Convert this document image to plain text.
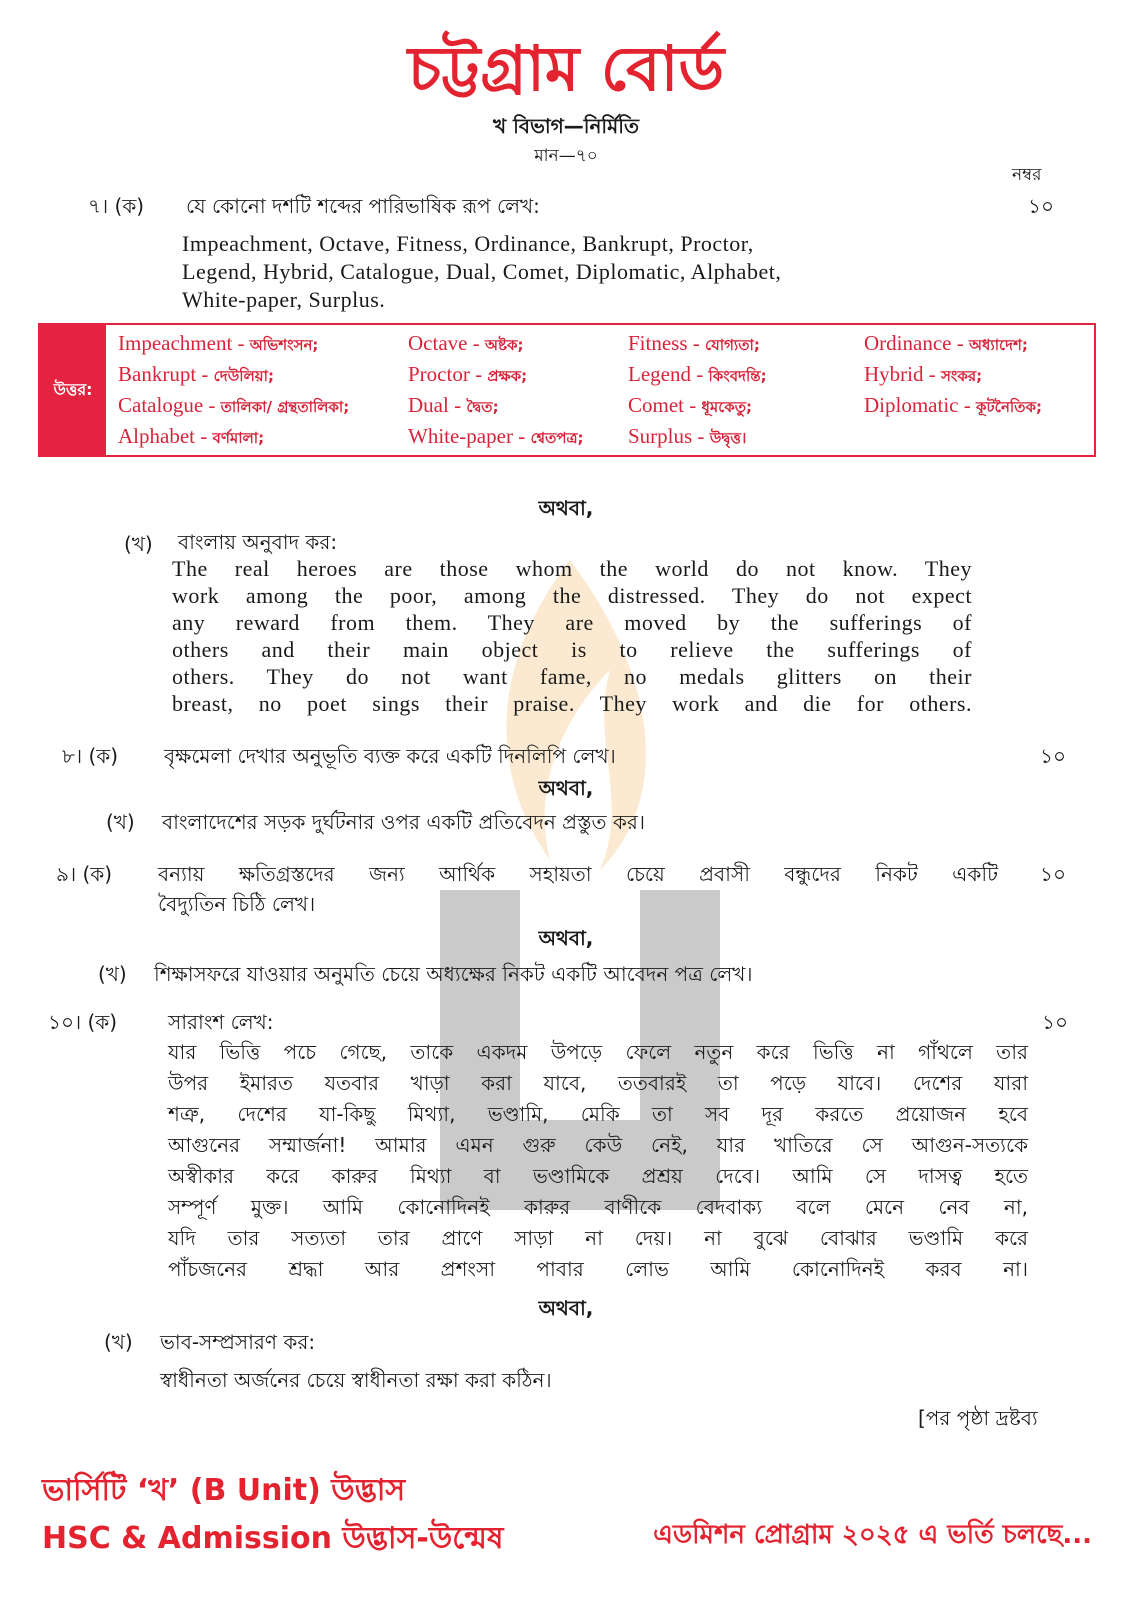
চট্টগ্রাম বোর্ড
খ বিভাগ—নির্মিতি
মান—৭০
নম্বর
৭। (ক) যে কোনো দশটি শব্দের পারিভাষিক রূপ লেখ:	১০
Impeachment, Octave, Fitness, Ordinance, Bankrupt, Proctor,
Legend, Hybrid, Catalogue, Dual, Comet, Diplomatic, Alphabet,
White-paper, Surplus.
উত্তর:
Impeachment - অভিশংসন;	Octave - অষ্টক;	Fitness - যোগ্যতা;	Ordinance - অধ্যাদেশ;
Bankrupt - দেউলিয়া;	Proctor - প্রক্ষক;	Legend - কিংবদন্তি;	Hybrid - সংকর;
Catalogue - তালিকা/ গ্রন্থতালিকা;	Dual - দ্বৈত;	Comet - ধূমকেতু;	Diplomatic - কূটনৈতিক;
Alphabet - বর্ণমালা;	White-paper - শ্বেতপত্র;	Surplus - উদ্বৃত্ত।
অথবা,
(খ) বাংলায় অনুবাদ কর:
The real heroes are those whom the world do not know. They
work among the poor, among the distressed. They do not expect
any reward from them. They are moved by the sufferings of
others and their main object is to relieve the sufferings of
others. They do not want fame, no medals glitters on their
breast, no poet sings their praise. They work and die for others.
৮। (ক) বৃক্ষমেলা দেখার অনুভূতি ব্যক্ত করে একটি দিনলিপি লেখ।	১০
অথবা,
(খ) বাংলাদেশের সড়ক দুর্ঘটনার ওপর একটি প্রতিবেদন প্রস্তুত কর।
৯। (ক) বন্যায় ক্ষতিগ্রস্তদের জন্য আর্থিক সহায়তা চেয়ে প্রবাসী বন্ধুদের নিকট একটি
বৈদ্যুতিন চিঠি লেখ।
১০
অথবা,
(খ) শিক্ষাসফরে যাওয়ার অনুমতি চেয়ে অধ্যক্ষের নিকট একটি আবেদন পত্র লেখ।
১০। (ক)	সারাংশ লেখ:	১০
যার ভিত্তি পচে গেছে, তাকে একদম উপড়ে ফেলে নতুন করে ভিত্তি না গাঁথলে তার
উপর ইমারত যতবার খাড়া করা যাবে, ততবারই তা পড়ে যাবে। দেশের যারা
শত্রু, দেশের যা-কিছু মিথ্যা, ভণ্ডামি, মেকি তা সব দূর করতে প্রয়োজন হবে
আগুনের সম্মার্জনা! আমার এমন গুরু কেউ নেই, যার খাতিরে সে আগুন-সত্যকে
অস্বীকার করে কারুর মিথ্যা বা ভণ্ডামিকে প্রশ্রয় দেবে। আমি সে দাসত্ব হতে
সম্পূর্ণ মুক্ত। আমি কোনোদিনই কারুর বাণীকে বেদবাক্য বলে মেনে নেব না,
যদি তার সত্যতা তার প্রাণে সাড়া না দেয়। না বুঝে বোঝার ভণ্ডামি করে
পাঁচজনের শ্রদ্ধা আর প্রশংসা পাবার লোভ আমি কোনোদিনই করব না।
অথবা,
(খ) ভাব-সম্প্রসারণ কর:
স্বাধীনতা অর্জনের চেয়ে স্বাধীনতা রক্ষা করা কঠিন।
[পর পৃষ্ঠা দ্রষ্টব্য
ভার্সিটি ‘খ’ (B Unit) উদ্ভাস
HSC & Admission উদ্ভাস-উন্মেষ	এডমিশন প্রোগ্রাম ২০২৫ এ ভর্তি চলছে...
